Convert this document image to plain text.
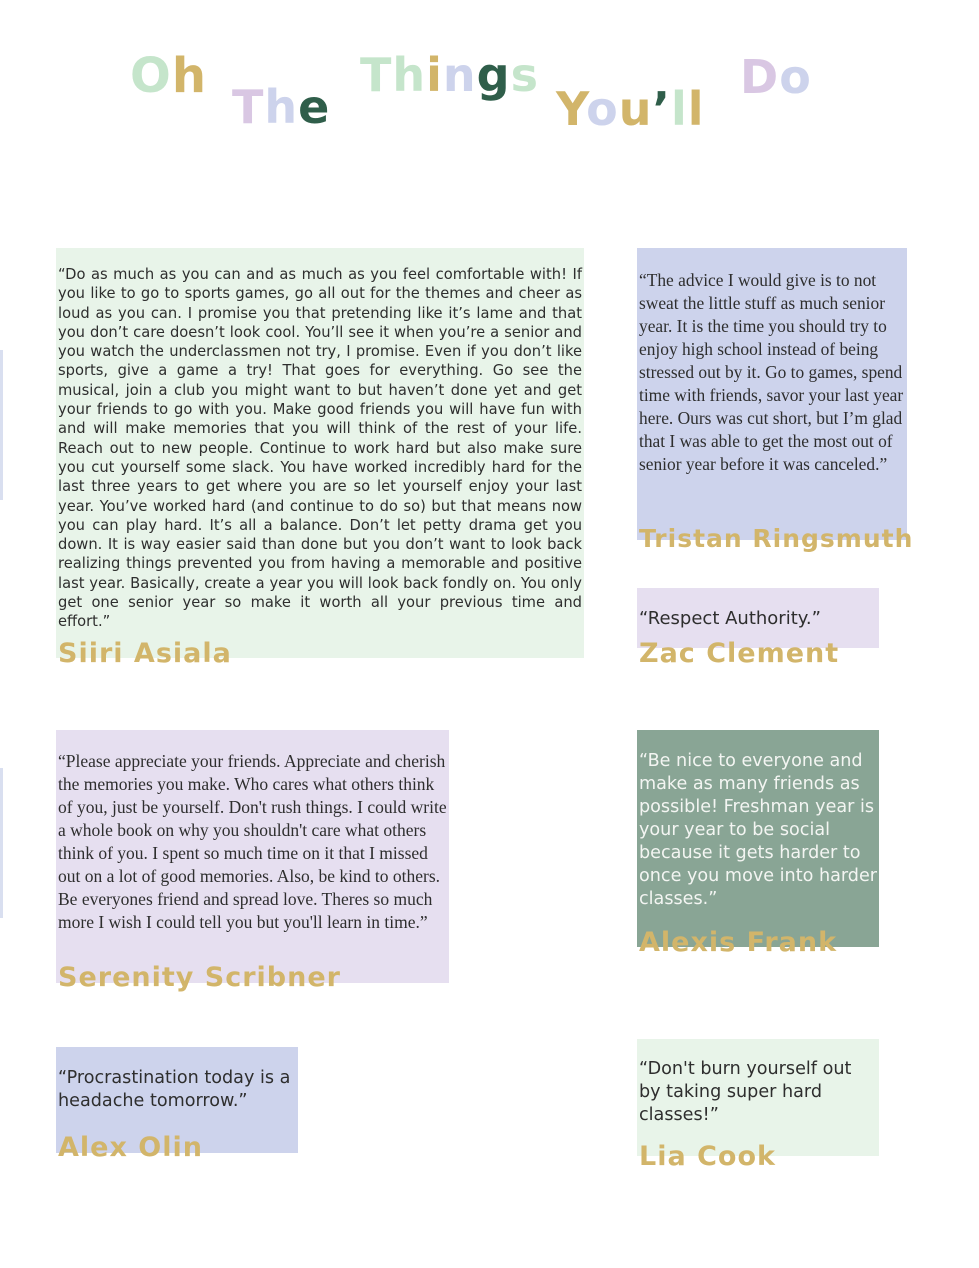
Oh
The
Things
You’ll
Do

“Do as much as you can and as much as you feel comfortable with! If you like to go to sports games, go all out for the themes and cheer as loud as you can. I promise you that pretending like it’s lame and that you don’t care doesn’t look cool. You’ll see it when you’re a senior and you watch the underclassmen not try, I promise. Even if you don’t like sports, give a game a try! That goes for everything. Go see the musical, join a club you might want to but haven’t done yet and get your friends to go with you. Make good friends you will have fun with and will make memories that you will think of the rest of your life. Reach out to new people. Continue to work hard but also make sure you cut yourself some slack. You have worked incredibly hard for the last three years to get where you are so let yourself enjoy your last year. You’ve worked hard (and continue to do so) but that means now you can play hard. It’s all a balance. Don’t let petty drama get you down. It is way easier said than done but you don’t want to look back realizing things prevented you from having a memorable and positive last year. Basically, create a year you will look back fondly on. You only get one senior year so make it worth all your previous time and effort.”

Siiri Asiala

“The advice I would give is to not sweat the little stuff as much senior year. It is the time you should try to enjoy high school instead of being stressed out by it. Go to games, spend time with friends, savor your last year here. Ours was cut short, but I’m glad that I was able to get the most out of senior year before it was canceled.”

Tristan Ringsmuth

“Respect Authority.”

Zac Clement

“Please appreciate your friends. Appreciate and cherish the memories you make. Who cares what others think of you, just be yourself. Don't rush things. I could write a whole book on why you shouldn't care what others think of you. I spent so much time on it that I missed out on a lot of good memories. Also, be kind to others. Be everyones friend and spread love. Theres so much more I wish I could tell you but you'll learn in time.”

Serenity Scribner

“Be nice to everyone and make as many friends as possible! Freshman year is your year to be social because it gets harder to once you move into harder classes.”

Alexis Frank

“Procrastination today is a headache tomorrow.”

Alex Olin

“Don't burn yourself out by taking super hard classes!”

Lia Cook
